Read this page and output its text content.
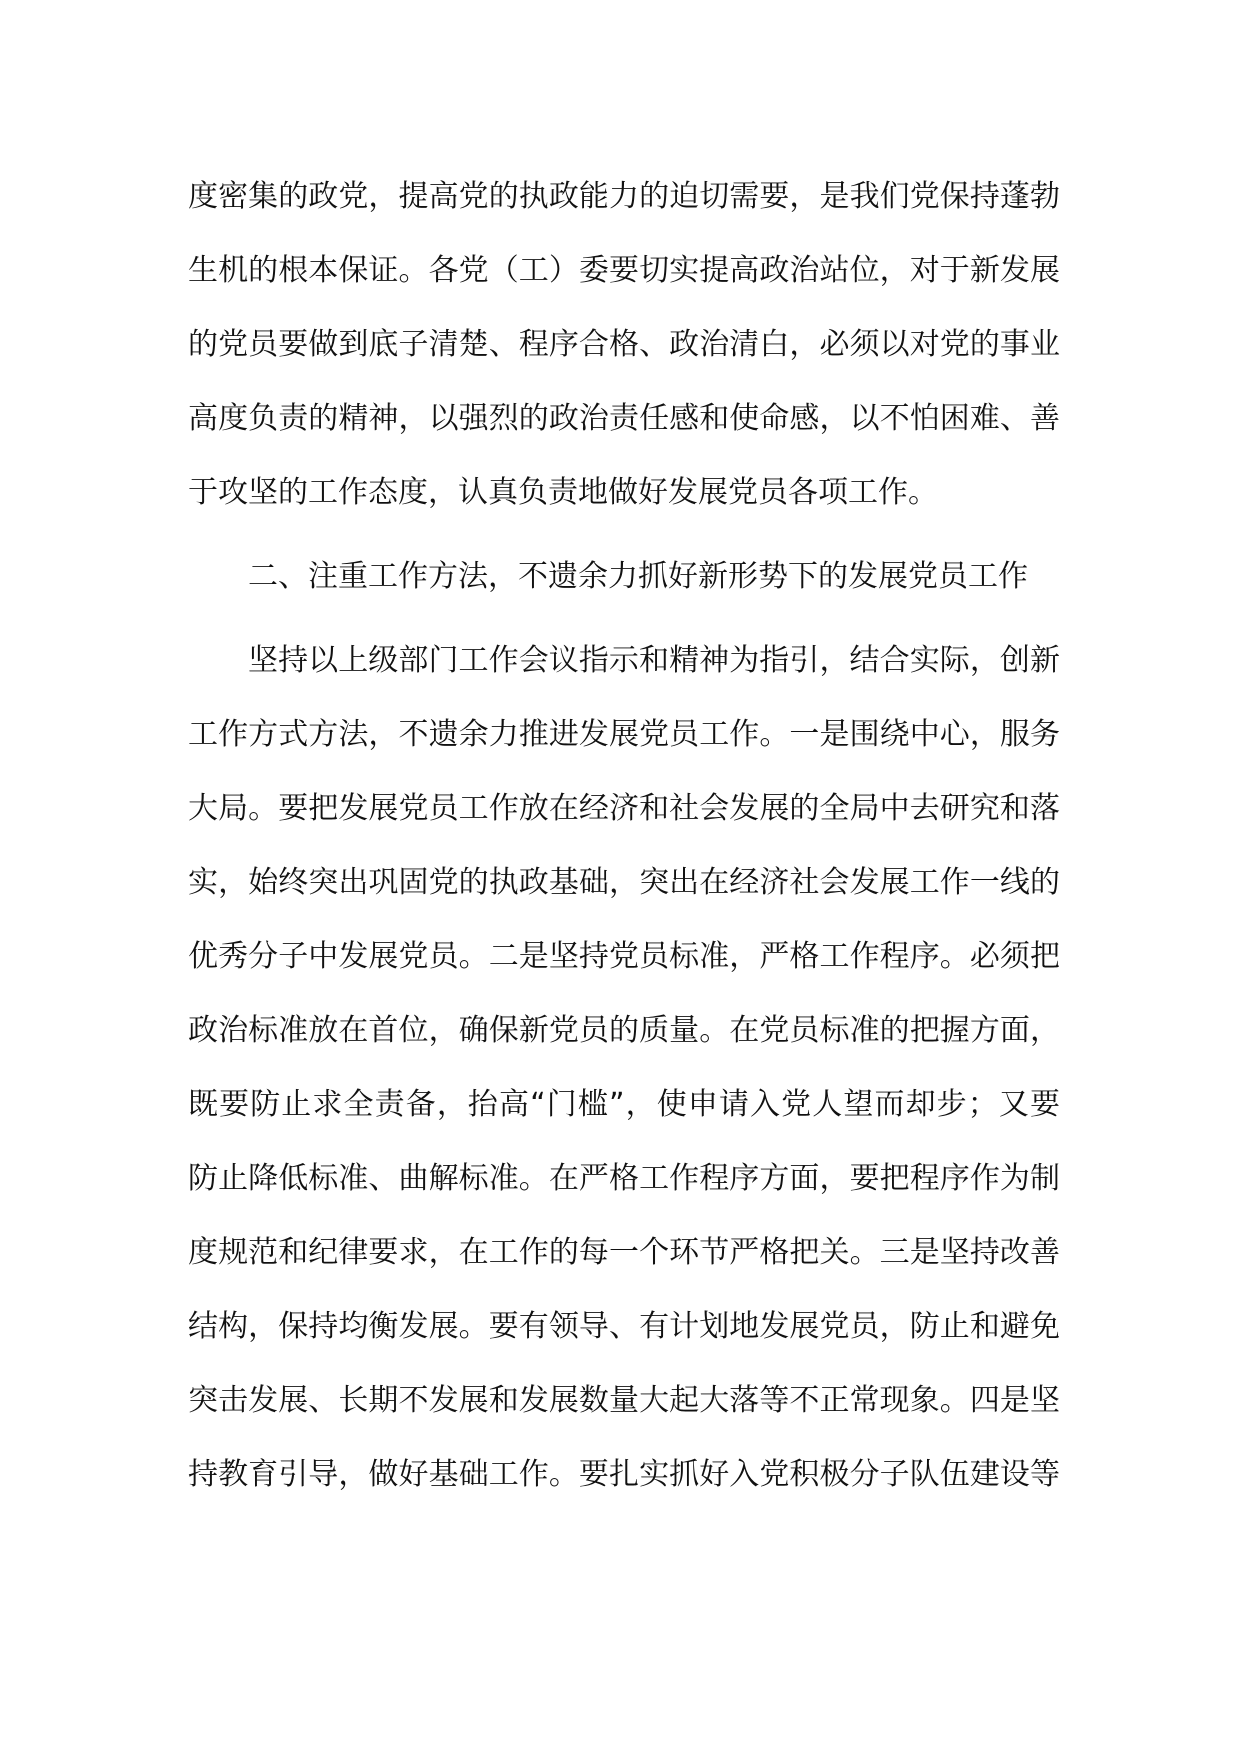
度密集的政党，提高党的执政能力的迫切需要，是我们党保持蓬勃
生机的根本保证。各党（工）委要切实提高政治站位，对于新发展
的党员要做到底子清楚、程序合格、政治清白，必须以对党的事业
高度负责的精神，以强烈的政治责任感和使命感，以不怕困难、善
于攻坚的工作态度，认真负责地做好发展党员各项工作。
二、注重工作方法，不遗余力抓好新形势下的发展党员工作
坚持以上级部门工作会议指示和精神为指引，结合实际，创新
工作方式方法，不遗余力推进发展党员工作。一是围绕中心，服务
大局。要把发展党员工作放在经济和社会发展的全局中去研究和落
实，始终突出巩固党的执政基础，突出在经济社会发展工作一线的
优秀分子中发展党员。二是坚持党员标准，严格工作程序。必须把
政治标准放在首位，确保新党员的质量。在党员标准的把握方面，
既要防止求全责备，抬高“门槛”，使申请入党人望而却步；又要
防止降低标准、曲解标准。在严格工作程序方面，要把程序作为制
度规范和纪律要求，在工作的每一个环节严格把关。三是坚持改善
结构，保持均衡发展。要有领导、有计划地发展党员，防止和避免
突击发展、长期不发展和发展数量大起大落等不正常现象。四是坚
持教育引导，做好基础工作。要扎实抓好入党积极分子队伍建设等
